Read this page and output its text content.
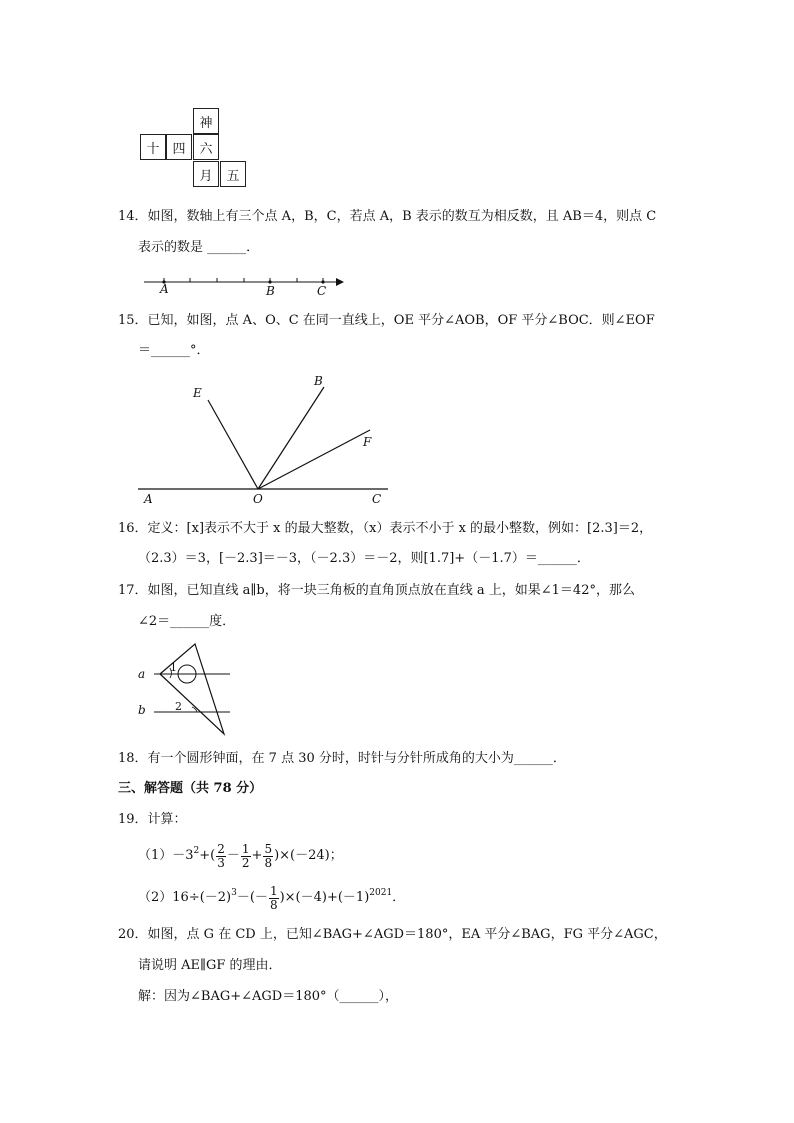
神
十 四	六
月	五
14．如图，数轴上有三个点 A，B，C，若点 A，B 表示的数互为相反数，且 AB＝4，则点 C
表示的数是 ______．
A	B	C
15．已知，如图，点 A、O、C 在同一直线上，OE 平分∠AOB，OF 平分∠BOC．则∠EOF
＝______°．
E
B
F
A	O	C
16．定义：[x]表示不大于 x 的最大整数，（x）表示不小于 x 的最小整数，例如：[2.3]＝2，
（2.3）＝3，[－2.3]＝－3，（－2.3）＝－2，则[1.7]+（－1.7）＝______．
17．如图，已知直线 a∥b，将一块三角板的直角顶点放在直线 a 上，如果∠1＝42°，那么
∠2＝______度．
a
b
1
2
18．有一个圆形钟面，在 7 点 30 分时，时针与分针所成角的大小为______．
三、解答题（共 78 分）
19．计算：
$(1)-3^2$ +( $\frac{2}{3} - \frac{1}{2} + \frac{5}{8} )\times(-24)$；
$(2)16\div(-2)^3$ －(－ $\frac{1}{8} )\times(-4)+(-1)^{2021}$ ．
20．如图，点 G 在 CD 上，已知∠BAG+∠AGD＝180°，EA 平分∠BAG，FG 平分∠AGC，
请说明 AE∥GF 的理由．
解：因为∠BAG+∠AGD＝180°（______），
